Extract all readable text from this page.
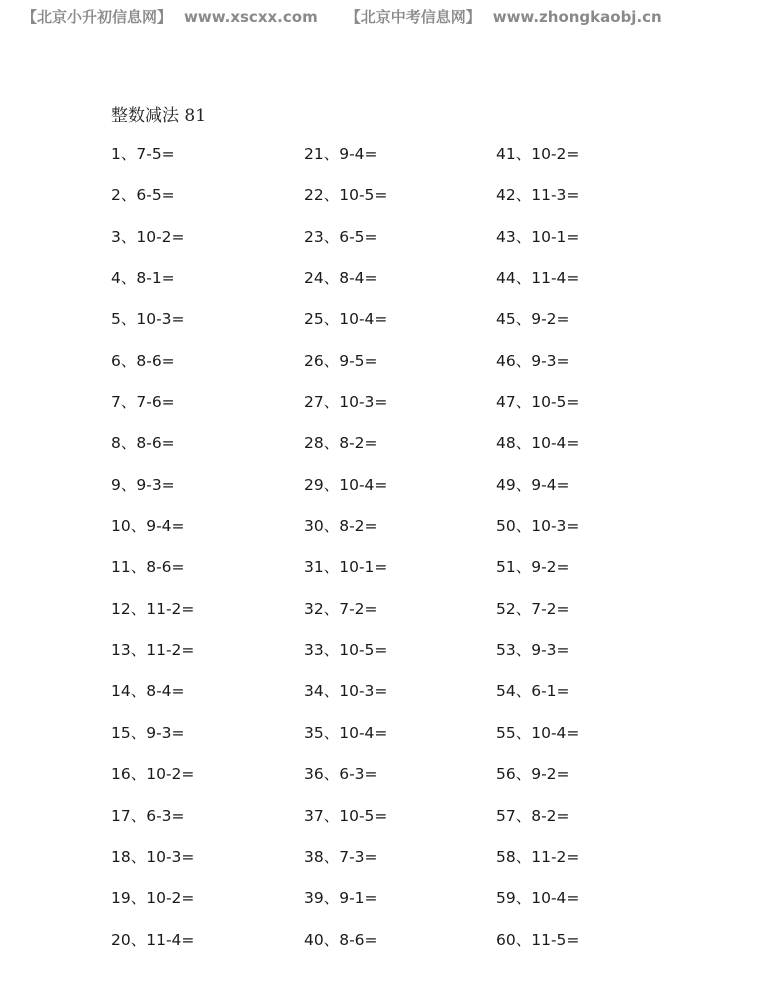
【北京小升初信息网】 www.xscxx.com 【北京中考信息网】 www.zhongkaobj.cn
整数减法 81
1、7-5=
2、6-5=
3、10-2=
4、8-1=
5、10-3=
6、8-6=
7、7-6=
8、8-6=
9、9-3=
10、9-4=
11、8-6=
12、11-2=
13、11-2=
14、8-4=
15、9-3=
16、10-2=
17、6-3=
18、10-3=
19、10-2=
20、11-4=
21、9-4=
22、10-5=
23、6-5=
24、8-4=
25、10-4=
26、9-5=
27、10-3=
28、8-2=
29、10-4=
30、8-2=
31、10-1=
32、7-2=
33、10-5=
34、10-3=
35、10-4=
36、6-3=
37、10-5=
38、7-3=
39、9-1=
40、8-6=
41、10-2=
42、11-3=
43、10-1=
44、11-4=
45、9-2=
46、9-3=
47、10-5=
48、10-4=
49、9-4=
50、10-3=
51、9-2=
52、7-2=
53、9-3=
54、6-1=
55、10-4=
56、9-2=
57、8-2=
58、11-2=
59、10-4=
60、11-5=
